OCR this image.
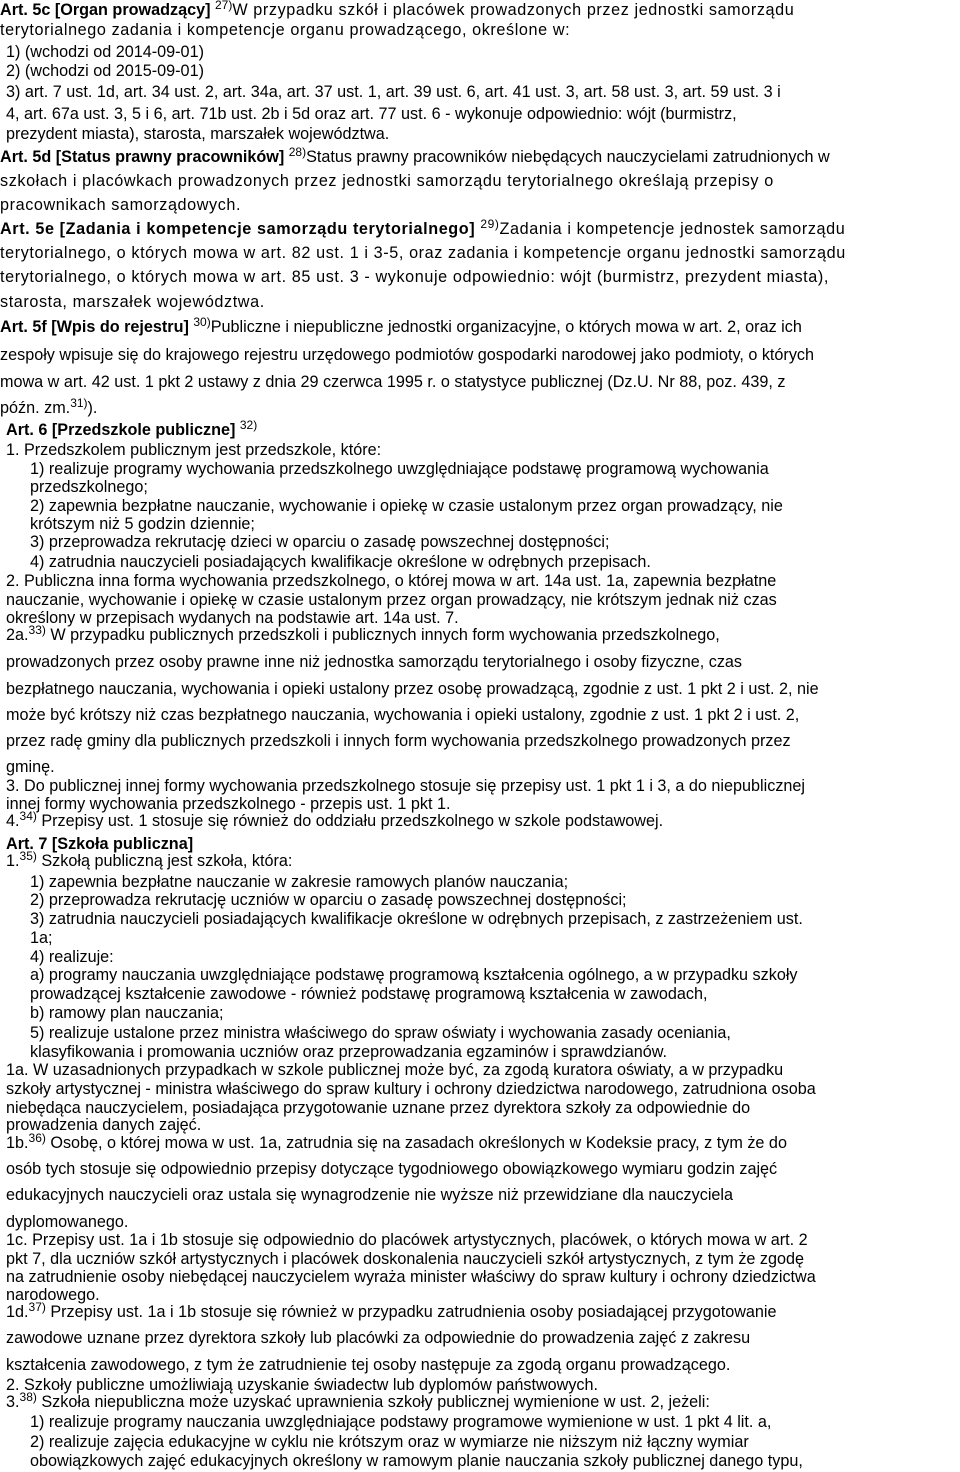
Art. 5c [Organ prowadzący] $^{27)}$W przypadku szkół i placówek prowadzonych przez jednostki samorządu
terytorialnego zadania i kompetencje organu prowadzącego, określone w:
1) (wchodzi od 2014-09-01)
2) (wchodzi od 2015-09-01)
3) art. 7 ust. 1d, art. 34 ust. 2, art. 34a, art. 37 ust. 1, art. 39 ust. 6, art. 41 ust. 3, art. 58 ust. 3, art. 59 ust. 3 i
4, art. 67a ust. 3, 5 i 6, art. 71b ust. 2b i 5d oraz art. 77 ust. 6 - wykonuje odpowiednio: wójt (burmistrz,
prezydent miasta), starosta, marszałek województwa.
Art. 5d [Status prawny pracowników] $^{28)}$Status prawny pracowników niebędących nauczycielami zatrudnionych w
szkołach i placówkach prowadzonych przez jednostki samorządu terytorialnego określają przepisy o
pracownikach samorządowych.
Art. 5e [Zadania i kompetencje samorządu terytorialnego] $^{29)}$Zadania i kompetencje jednostek samorządu
terytorialnego, o których mowa w art. 82 ust. 1 i 3-5, oraz zadania i kompetencje organu jednostki samorządu
terytorialnego, o których mowa w art. 85 ust. 3 - wykonuje odpowiednio: wójt (burmistrz, prezydent miasta),
starosta, marszałek województwa.
Art. 5f [Wpis do rejestru] $^{30)}$Publiczne i niepubliczne jednostki organizacyjne, o których mowa w art. 2, oraz ich
zespoły wpisuje się do krajowego rejestru urzędowego podmiotów gospodarki narodowej jako podmioty, o których
mowa w art. 42 ust. 1 pkt 2 ustawy z dnia 29 czerwca 1995 r. o statystyce publicznej (Dz.U. Nr 88, poz. 439, z
późn. zm.$^{31)}$).
Art. 6 [Przedszkole publiczne] $^{32)}$
1. Przedszkolem publicznym jest przedszkole, które:
1) realizuje programy wychowania przedszkolnego uwzględniające podstawę programową wychowania
przedszkolnego;
2) zapewnia bezpłatne nauczanie, wychowanie i opiekę w czasie ustalonym przez organ prowadzący, nie
krótszym niż 5 godzin dziennie;
3) przeprowadza rekrutację dzieci w oparciu o zasadę powszechnej dostępności;
4) zatrudnia nauczycieli posiadających kwalifikacje określone w odrębnych przepisach.
2. Publiczna inna forma wychowania przedszkolnego, o której mowa w art. 14a ust. 1a, zapewnia bezpłatne
nauczanie, wychowanie i opiekę w czasie ustalonym przez organ prowadzący, nie krótszym jednak niż czas
określony w przepisach wydanych na podstawie art. 14a ust. 7.
2a.$^{33)}$ W przypadku publicznych przedszkoli i publicznych innych form wychowania przedszkolnego,
prowadzonych przez osoby prawne inne niż jednostka samorządu terytorialnego i osoby fizyczne, czas
bezpłatnego nauczania, wychowania i opieki ustalony przez osobę prowadzącą, zgodnie z ust. 1 pkt 2 i ust. 2, nie
może być krótszy niż czas bezpłatnego nauczania, wychowania i opieki ustalony, zgodnie z ust. 1 pkt 2 i ust. 2,
przez radę gminy dla publicznych przedszkoli i innych form wychowania przedszkolnego prowadzonych przez
gminę.
3. Do publicznej innej formy wychowania przedszkolnego stosuje się przepisy ust. 1 pkt 1 i 3, a do niepublicznej
innej formy wychowania przedszkolnego - przepis ust. 1 pkt 1.
4.$^{34)}$ Przepisy ust. 1 stosuje się również do oddziału przedszkolnego w szkole podstawowej.
Art. 7 [Szkoła publiczna]
1.$^{35)}$ Szkołą publiczną jest szkoła, która:
1) zapewnia bezpłatne nauczanie w zakresie ramowych planów nauczania;
2) przeprowadza rekrutację uczniów w oparciu o zasadę powszechnej dostępności;
3) zatrudnia nauczycieli posiadających kwalifikacje określone w odrębnych przepisach, z zastrzeżeniem ust.
1a;
4) realizuje:
a) programy nauczania uwzględniające podstawę programową kształcenia ogólnego, a w przypadku szkoły
prowadzącej kształcenie zawodowe - również podstawę programową kształcenia w zawodach,
b) ramowy plan nauczania;
5) realizuje ustalone przez ministra właściwego do spraw oświaty i wychowania zasady oceniania,
klasyfikowania i promowania uczniów oraz przeprowadzania egzaminów i sprawdzianów.
1a. W uzasadnionych przypadkach w szkole publicznej może być, za zgodą kuratora oświaty, a w przypadku
szkoły artystycznej - ministra właściwego do spraw kultury i ochrony dziedzictwa narodowego, zatrudniona osoba
niebędąca nauczycielem, posiadająca przygotowanie uznane przez dyrektora szkoły za odpowiednie do
prowadzenia danych zajęć.
1b.$^{36)}$ Osobę, o której mowa w ust. 1a, zatrudnia się na zasadach określonych w Kodeksie pracy, z tym że do
osób tych stosuje się odpowiednio przepisy dotyczące tygodniowego obowiązkowego wymiaru godzin zajęć
edukacyjnych nauczycieli oraz ustala się wynagrodzenie nie wyższe niż przewidziane dla nauczyciela
dyplomowanego.
1c. Przepisy ust. 1a i 1b stosuje się odpowiednio do placówek artystycznych, placówek, o których mowa w art. 2
pkt 7, dla uczniów szkół artystycznych i placówek doskonalenia nauczycieli szkół artystycznych, z tym że zgodę
na zatrudnienie osoby niebędącej nauczycielem wyraża minister właściwy do spraw kultury i ochrony dziedzictwa
narodowego.
1d.$^{37)}$ Przepisy ust. 1a i 1b stosuje się również w przypadku zatrudnienia osoby posiadającej przygotowanie
zawodowe uznane przez dyrektora szkoły lub placówki za odpowiednie do prowadzenia zajęć z zakresu
kształcenia zawodowego, z tym że zatrudnienie tej osoby następuje za zgodą organu prowadzącego.
2. Szkoły publiczne umożliwiają uzyskanie świadectw lub dyplomów państwowych.
3.$^{38)}$ Szkoła niepubliczna może uzyskać uprawnienia szkoły publicznej wymienione w ust. 2, jeżeli:
1) realizuje programy nauczania uwzględniające podstawy programowe wymienione w ust. 1 pkt 4 lit. a,
2) realizuje zajęcia edukacyjne w cyklu nie krótszym oraz w wymiarze nie niższym niż łączny wymiar
obowiązkowych zajęć edukacyjnych określony w ramowym planie nauczania szkoły publicznej danego typu,
